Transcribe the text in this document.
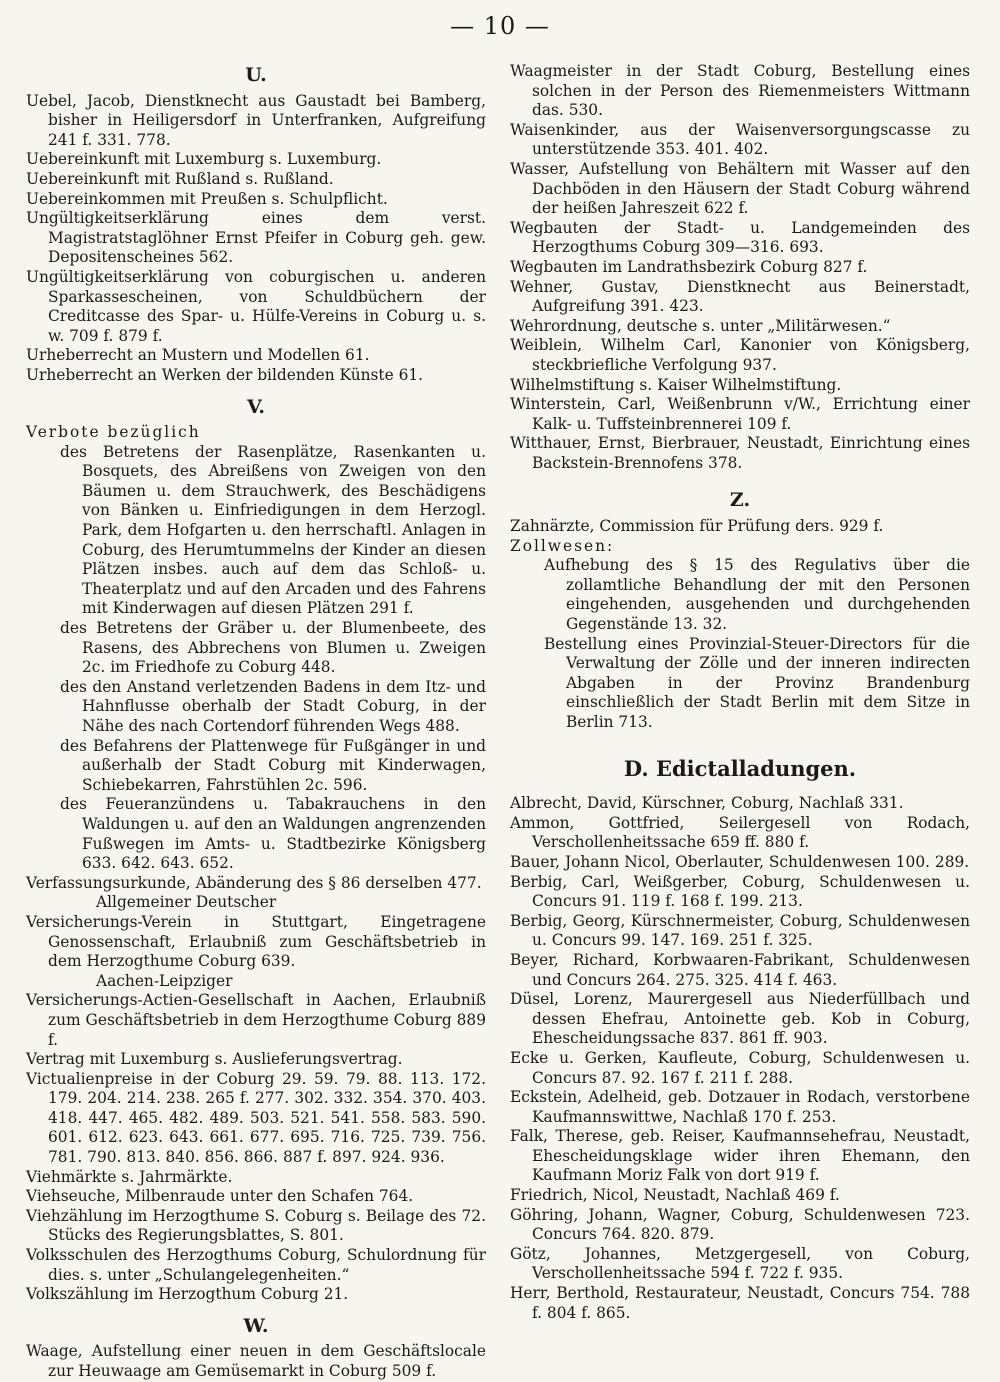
— 10 —
U.

Uebel, Jacob, Dienstknecht aus Gaustadt bei Bamberg, bisher in Heiligersdorf in Unterfranken, Aufgreifung 241 f. 331. 778.

Uebereinkunft mit Luxemburg s. Luxemburg.

Uebereinkunft mit Rußland s. Rußland.

Uebereinkommen mit Preußen s. Schulpflicht.

Ungültigkeitserklärung eines dem verst. Magistratstaglöhner Ernst Pfeifer in Coburg geh. gew. Depositenscheines 562.

Ungültigkeitserklärung von coburgischen u. anderen Sparkassescheinen, von Schuldbüchern der Creditcasse des Spar- u. Hülfe-Vereins in Coburg u. s. w. 709 f. 879 f.

Urheberrecht an Mustern und Modellen 61.

Urheberrecht an Werken der bildenden Künste 61.

V.

Verbote bezüglich

des Betretens der Rasenplätze, Rasenkanten u. Bosquets, des Abreißens von Zweigen von den Bäumen u. dem Strauchwerk, des Beschädigens von Bänken u. Einfriedigungen in dem Herzogl. Park, dem Hofgarten u. den herrschaftl. Anlagen in Coburg, des Herumtummelns der Kinder an diesen Plätzen insbes. auch auf dem das Schloß- u. Theaterplatz und auf den Arcaden und des Fahrens mit Kinderwagen auf diesen Plätzen 291 f.

des Betretens der Gräber u. der Blumenbeete, des Rasens, des Abbrechens von Blumen u. Zweigen 2c. im Friedhofe zu Coburg 448.

des den Anstand verletzenden Badens in dem Itz- und Hahnflusse oberhalb der Stadt Coburg, in der Nähe des nach Cortendorf führenden Wegs 488.

des Befahrens der Plattenwege für Fußgänger in und außerhalb der Stadt Coburg mit Kinderwagen, Schiebekarren, Fahrstühlen 2c. 596.

des Feueranzündens u. Tabakrauchens in den Waldungen u. auf den an Waldungen angrenzenden Fußwegen im Amts- u. Stadtbezirke Königsberg 633. 642. 643. 652.

Verfassungsurkunde, Abänderung des § 86 derselben 477.

Allgemeiner Deutscher

Versicherungs-Verein in Stuttgart, Eingetragene Genossenschaft, Erlaubniß zum Geschäftsbetrieb in dem Herzogthume Coburg 639.

Aachen-Leipziger

Versicherungs-Actien-Gesellschaft in Aachen, Erlaubniß zum Geschäftsbetrieb in dem Herzogthume Coburg 889 f.

Vertrag mit Luxemburg s. Auslieferungsvertrag.

Victualienpreise in der Coburg 29. 59. 79. 88. 113. 172. 179. 204. 214. 238. 265 f. 277. 302. 332. 354. 370. 403. 418. 447. 465. 482. 489. 503. 521. 541. 558. 583. 590. 601. 612. 623. 643. 661. 677. 695. 716. 725. 739. 756. 781. 790. 813. 840. 856. 866. 887 f. 897. 924. 936.

Viehmärkte s. Jahrmärkte.

Viehseuche, Milbenraude unter den Schafen 764.

Viehzählung im Herzogthume S. Coburg s. Beilage des 72. Stücks des Regierungsblattes, S. 801.

Volksschulen des Herzogthums Coburg, Schulordnung für dies. s. unter „Schulangelegenheiten.“

Volkszählung im Herzogthum Coburg 21.

W.

Waage, Aufstellung einer neuen in dem Geschäftslocale zur Heuwaage am Gemüsemarkt in Coburg 509 f.

Waagmeister in der Stadt Coburg, Bestellung eines solchen in der Person des Riemenmeisters Wittmann das. 530.

Waisenkinder, aus der Waisenversorgungscasse zu unterstützende 353. 401. 402.

Wasser, Aufstellung von Behältern mit Wasser auf den Dachböden in den Häusern der Stadt Coburg während der heißen Jahreszeit 622 f.

Wegbauten der Stadt- u. Landgemeinden des Herzogthums Coburg 309—316. 693.

Wegbauten im Landrathsbezirk Coburg 827 f.

Wehner, Gustav, Dienstknecht aus Beinerstadt, Aufgreifung 391. 423.

Wehrordnung, deutsche s. unter „Militärwesen.“

Weiblein, Wilhelm Carl, Kanonier von Königsberg, steckbriefliche Verfolgung 937.

Wilhelmstiftung s. Kaiser Wilhelmstiftung.

Winterstein, Carl, Weißenbrunn v/W., Errichtung einer Kalk- u. Tuffsteinbrennerei 109 f.

Witthauer, Ernst, Bierbrauer, Neustadt, Einrichtung eines Backstein-Brennofens 378.

Z.

Zahnärzte, Commission für Prüfung ders. 929 f.

Zollwesen:

Aufhebung des § 15 des Regulativs über die zollamtliche Behandlung der mit den Personen eingehenden, ausgehenden und durchgehenden Gegenstände 13. 32.

Bestellung eines Provinzial-Steuer-Directors für die Verwaltung der Zölle und der inneren indirecten Abgaben in der Provinz Brandenburg einschließlich der Stadt Berlin mit dem Sitze in Berlin 713.

D. Edictalladungen.

Albrecht, David, Kürschner, Coburg, Nachlaß 331.

Ammon, Gottfried, Seilergesell von Rodach, Verschollenheitssache 659 ff. 880 f.

Bauer, Johann Nicol, Oberlauter, Schuldenwesen 100. 289.

Berbig, Carl, Weißgerber, Coburg, Schuldenwesen u. Concurs 91. 119 f. 168 f. 199. 213.

Berbig, Georg, Kürschnermeister, Coburg, Schuldenwesen u. Concurs 99. 147. 169. 251 f. 325.

Beyer, Richard, Korbwaaren-Fabrikant, Schuldenwesen und Concurs 264. 275. 325. 414 f. 463.

Düsel, Lorenz, Maurergesell aus Niederfüllbach und dessen Ehefrau, Antoinette geb. Kob in Coburg, Ehescheidungssache 837. 861 ff. 903.

Ecke u. Gerken, Kaufleute, Coburg, Schuldenwesen u. Concurs 87. 92. 167 f. 211 f. 288.

Eckstein, Adelheid, geb. Dotzauer in Rodach, verstorbene Kaufmannswittwe, Nachlaß 170 f. 253.

Falk, Therese, geb. Reiser, Kaufmannsehefrau, Neustadt, Ehescheidungsklage wider ihren Ehemann, den Kaufmann Moriz Falk von dort 919 f.

Friedrich, Nicol, Neustadt, Nachlaß 469 f.

Göhring, Johann, Wagner, Coburg, Schuldenwesen 723. Concurs 764. 820. 879.

Götz, Johannes, Metzgergesell, von Coburg, Verschollenheitssache 594 f. 722 f. 935.

Herr, Berthold, Restaurateur, Neustadt, Concurs 754. 788 f. 804 f. 865.
